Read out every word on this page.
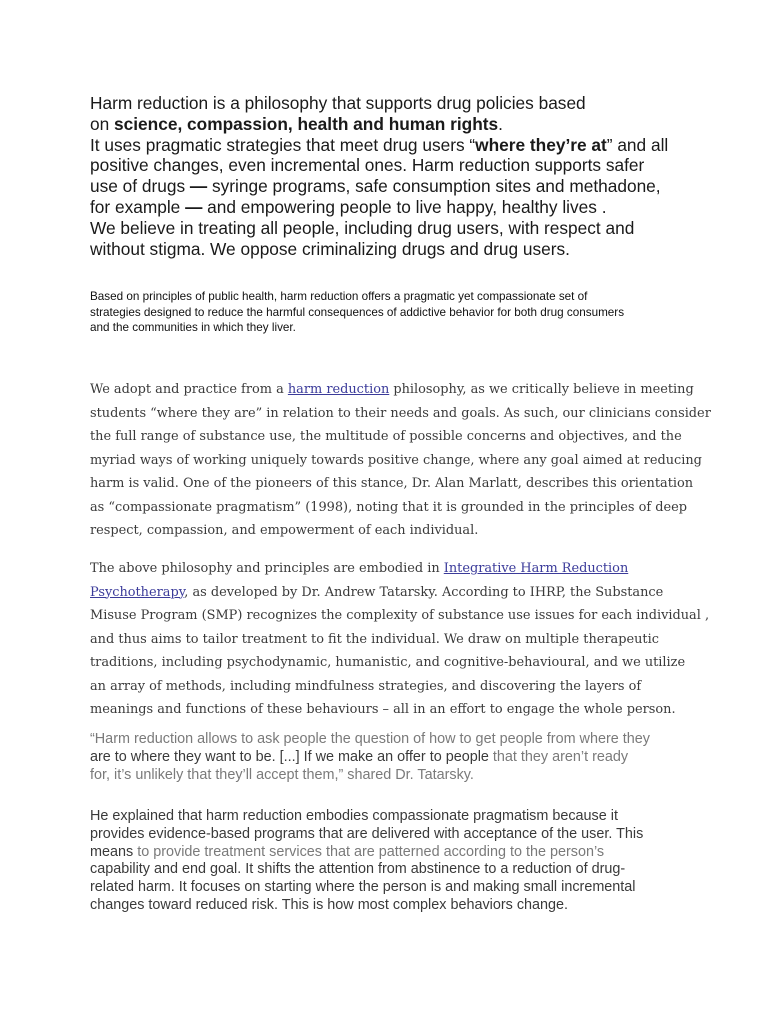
Harm reduction is a philosophy that supports drug policies based
on science, compassion, health and human rights.
It uses pragmatic strategies that meet drug users “where they’re at” and all
positive changes, even incremental ones. Harm reduction supports safer
use of drugs — syringe programs, safe consumption sites and methadone,
for example — and empowering people to live happy, healthy lives .
We believe in treating all people, including drug users, with respect and
without stigma. We oppose criminalizing drugs and drug users.
Based on principles of public health, harm reduction offers a pragmatic yet compassionate set of
strategies designed to reduce the harmful consequences of addictive behavior for both drug consumers
and the communities in which they liver.
We adopt and practice from a harm reduction philosophy, as we critically believe in meeting
students “where they are” in relation to their needs and goals. As such, our clinicians consider
the full range of substance use, the multitude of possible concerns and objectives, and the
myriad ways of working uniquely towards positive change, where any goal aimed at reducing
harm is valid. One of the pioneers of this stance, Dr. Alan Marlatt, describes this orientation
as “compassionate pragmatism” (1998), noting that it is grounded in the principles of deep
respect, compassion, and empowerment of each individual.
The above philosophy and principles are embodied in Integrative Harm Reduction
Psychotherapy, as developed by Dr. Andrew Tatarsky. According to IHRP, the Substance
Misuse Program (SMP) recognizes the complexity of substance use issues for each individual ,
and thus aims to tailor treatment to fit the individual. We draw on multiple therapeutic
traditions, including psychodynamic, humanistic, and cognitive-behavioural, and we utilize
an array of methods, including mindfulness strategies, and discovering the layers of
meanings and functions of these behaviours – all in an effort to engage the whole person.
“Harm reduction allows to ask people the question of how to get people from where they
are to where they want to be. [...] If we make an offer to people that they aren’t ready
for, it’s unlikely that they’ll accept them,” shared Dr. Tatarsky.
He explained that harm reduction embodies compassionate pragmatism because it
provides evidence-based programs that are delivered with acceptance of the user. This
means to provide treatment services that are patterned according to the person’s
capability and end goal. It shifts the attention from abstinence to a reduction of drug-
related harm. It focuses on starting where the person is and making small incremental
changes toward reduced risk. This is how most complex behaviors change.
